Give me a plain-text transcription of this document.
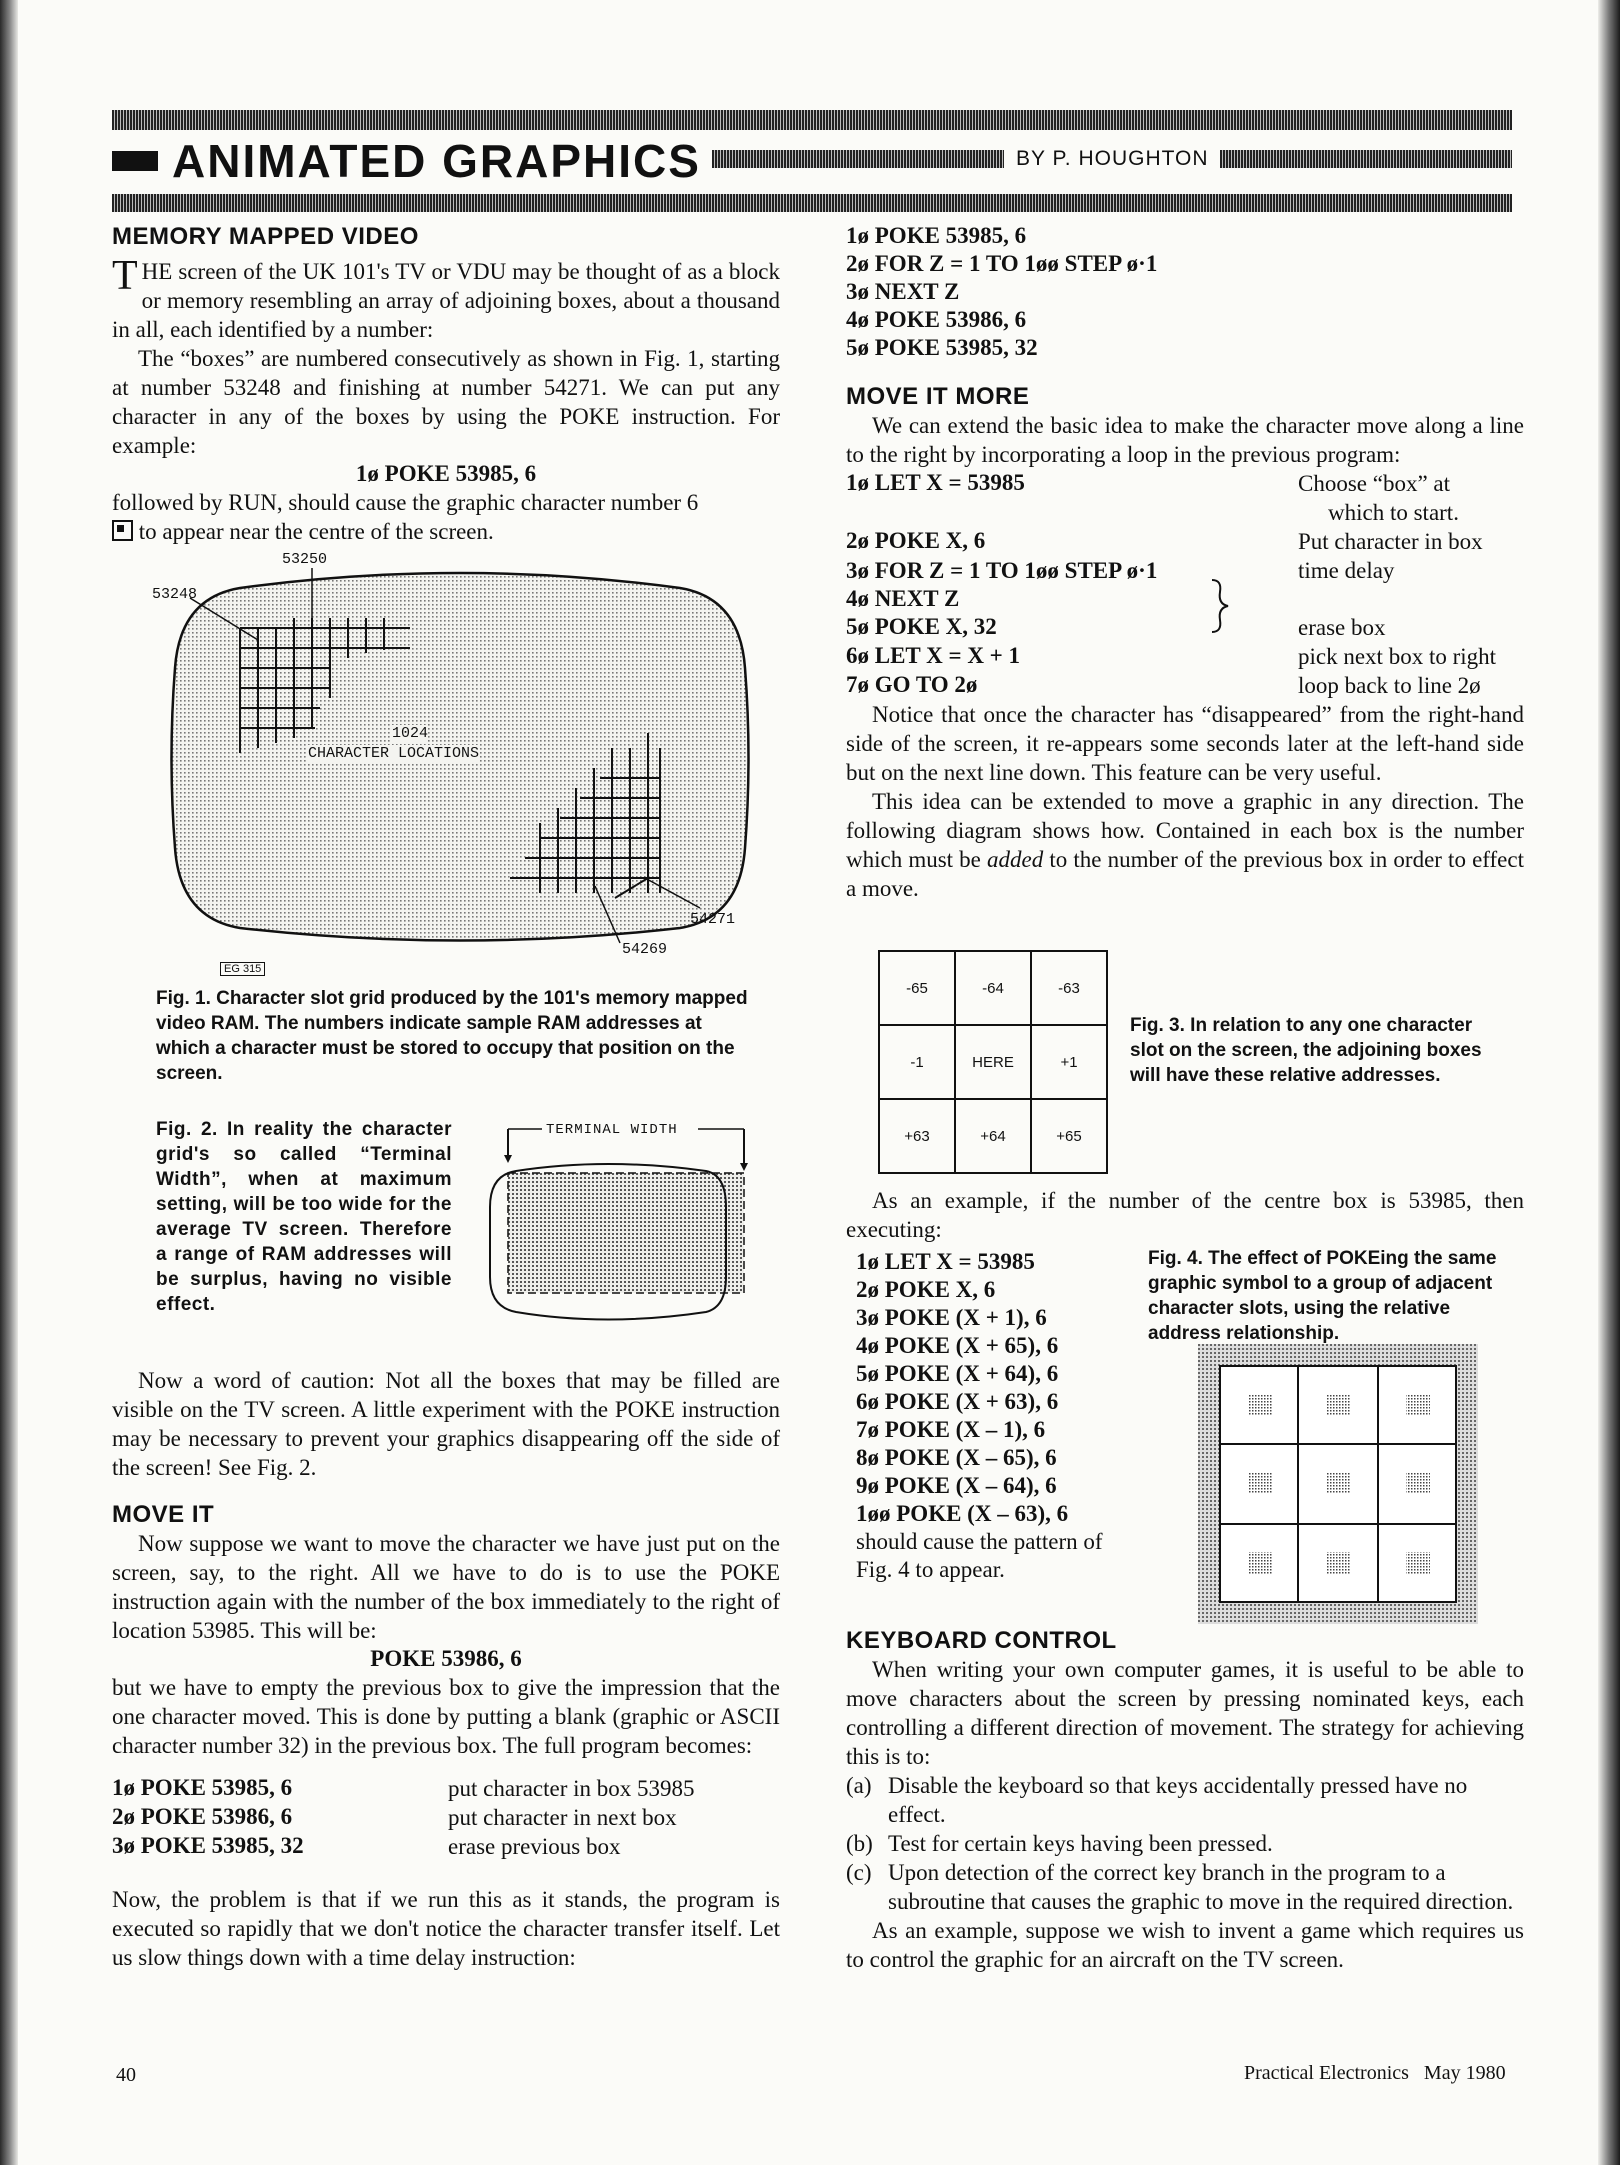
ANIMATED GRAPHICS	BY P. HOUGHTON
MEMORY MAPPED VIDEO

THE screen of the UK 101's TV or VDU may be thought of as a block or memory resembling an array of adjoining boxes, about a thousand in all, each identified by a number:

The “boxes” are numbered consecutively as shown in Fig. 1, starting at number 53248 and finishing at number 54271. We can put any character in any of the boxes by using the POKE instruction. For example:

1ø POKE 53985, 6

followed by RUN, should cause the graphic character number 6

to appear near the centre of the screen.

53250
53248
1024
CHARACTER LOCATIONS
54271
54269
EG 315
Fig. 1. Character slot grid produced by the 101's memory mapped video RAM. The numbers indicate sample RAM addresses at which a character must be stored to occupy that position on the screen.
Fig. 2. In reality the character grid's so called “Terminal Width”, when at maximum setting, will be too wide for the average TV screen. Therefore a range of RAM addresses will be surplus, having no visible effect.
TERMINAL WIDTH

Now a word of caution: Not all the boxes that may be filled are visible on the TV screen. A little experiment with the POKE instruction may be necessary to prevent your graphics disappearing off the side of the screen! See Fig. 2.

MOVE IT

Now suppose we want to move the character we have just put on the screen, say, to the right. All we have to do is to use the POKE instruction again with the number of the box immediately to the right of location 53985. This will be:

POKE 53986, 6

but we have to empty the previous box to give the impression that the one character moved. This is done by putting a blank (graphic or ASCII character number 32) in the previous box. The full program becomes:

1ø POKE 53985, 6	put character in box 53985
2ø POKE 53986, 6	put character in next box
3ø POKE 53985, 32	erase previous box

Now, the problem is that if we run this as it stands, the program is executed so rapidly that we don't notice the character transfer itself. Let us slow things down with a time delay instruction:

1ø POKE 53985, 6
2ø FOR Z = 1 TO 1øø STEP ø·1
3ø NEXT Z
4ø POKE 53986, 6
5ø POKE 53985, 32
MOVE IT MORE

We can extend the basic idea to make the character move along a line to the right by incorporating a loop in the previous program:

1ø LET X = 53985	Choose “box” at
which to start.
2ø POKE X, 6	Put character in box
3ø FOR Z = 1 TO 1øø STEP ø·1	time delay
4ø NEXT Z
5ø POKE X, 32	erase box
6ø LET X = X + 1	pick next box to right
7ø GO TO 2ø	loop back to line 2ø

Notice that once the character has “disappeared” from the right-hand side of the screen, it re-appears some seconds later at the left-hand side but on the next line down. This feature can be very useful.

This idea can be extended to move a graphic in any direction. The following diagram shows how. Contained in each box is the number which must be added to the number of the previous box in order to effect a move.

-65	-64	-63
-1	HERE	+1
+63	+64	+65
Fig. 3. In relation to any one character slot on the screen, the adjoining boxes will have these relative addresses.

As an example, if the number of the centre box is 53985, then executing:

1ø LET X = 53985
2ø POKE X, 6
3ø POKE (X + 1), 6
4ø POKE (X + 65), 6
5ø POKE (X + 64), 6
6ø POKE (X + 63), 6
7ø POKE (X – 1), 6
8ø POKE (X – 65), 6
9ø POKE (X – 64), 6
1øø POKE (X – 63), 6
should cause the pattern of Fig. 4 to appear.
Fig. 4. The effect of POKEing the same graphic symbol to a group of adjacent character slots, using the relative address relationship.
KEYBOARD CONTROL

When writing your own computer games, it is useful to be able to move characters about the screen by pressing nominated keys, each controlling a different direction of movement. The strategy for achieving this is to:

(a) Disable the keyboard so that keys accidentally pressed have no effect.
(b) Test for certain keys having been pressed.
(c) Upon detection of the correct key branch in the program to a subroutine that causes the graphic to move in the required direction.

As an example, suppose we wish to invent a game which requires us to control the graphic for an aircraft on the TV screen.

40	Practical Electronics   May 1980
